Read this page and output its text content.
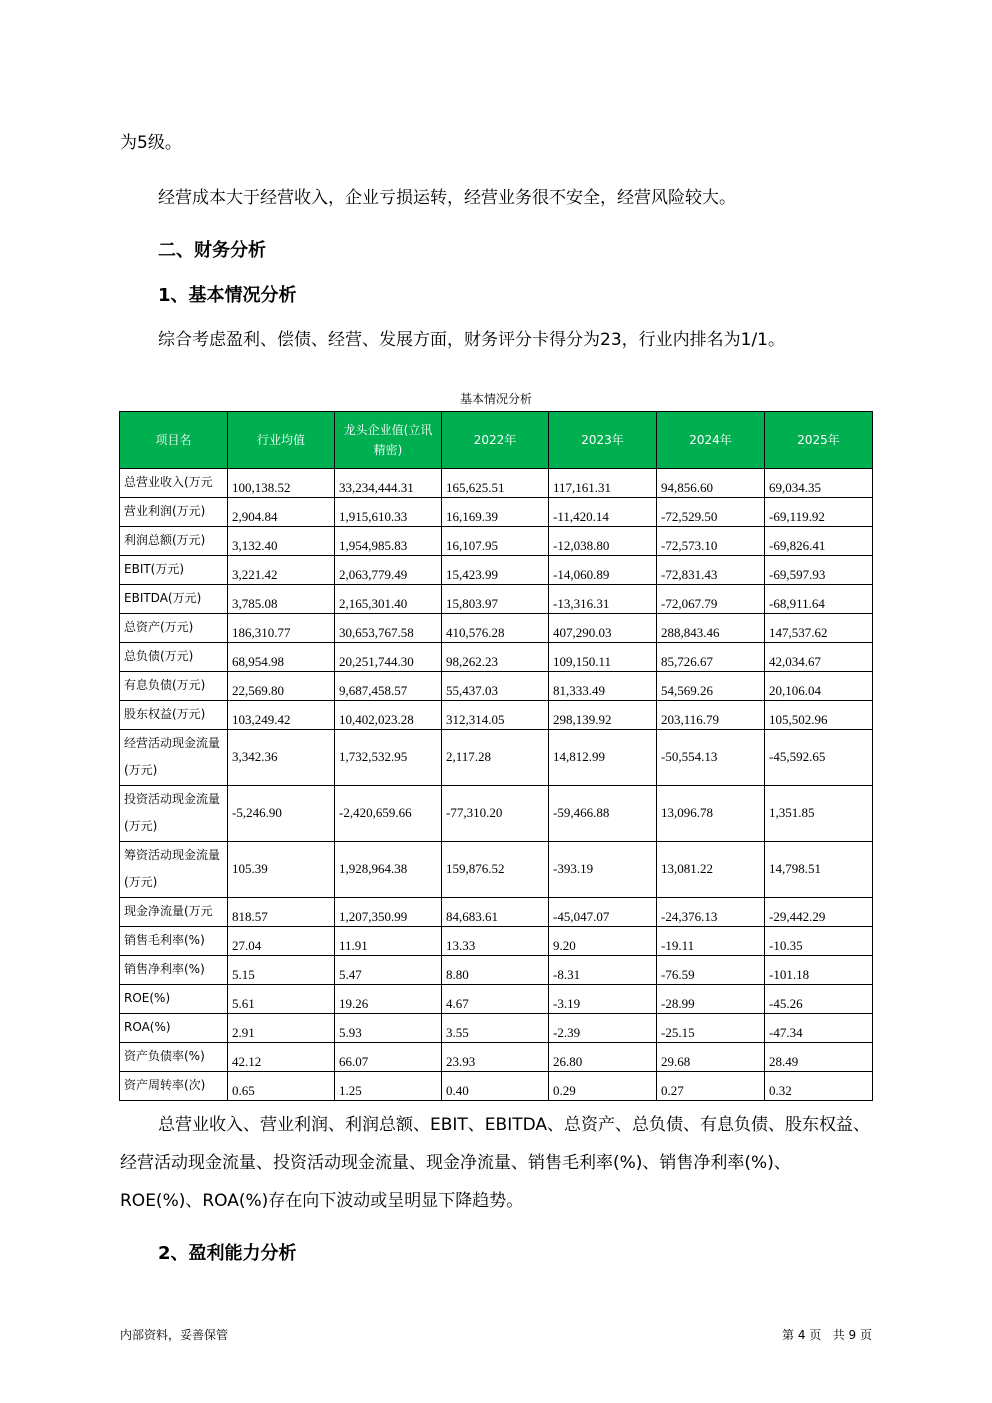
为5级。
经营成本大于经营收入，企业亏损运转，经营业务很不安全，经营风险较大。
二、财务分析
1、基本情况分析
综合考虑盈利、偿债、经营、发展方面，财务评分卡得分为23，行业内排名为1/1。
基本情况分析
项目名	行业均值	龙头企业值(立讯精密)	2022年	2023年	2024年	2025年
总营业收入(万元	100,138.52	33,234,444.31	165,625.51	117,161.31	94,856.60	69,034.35
营业利润(万元)	2,904.84	1,915,610.33	16,169.39	-11,420.14	-72,529.50	-69,119.92
利润总额(万元)	3,132.40	1,954,985.83	16,107.95	-12,038.80	-72,573.10	-69,826.41
EBIT(万元)	3,221.42	2,063,779.49	15,423.99	-14,060.89	-72,831.43	-69,597.93
EBITDA(万元)	3,785.08	2,165,301.40	15,803.97	-13,316.31	-72,067.79	-68,911.64
总资产(万元)	186,310.77	30,653,767.58	410,576.28	407,290.03	288,843.46	147,537.62
总负债(万元)	68,954.98	20,251,744.30	98,262.23	109,150.11	85,726.67	42,034.67
有息负债(万元)	22,569.80	9,687,458.57	55,437.03	81,333.49	54,569.26	20,106.04
股东权益(万元)	103,249.42	10,402,023.28	312,314.05	298,139.92	203,116.79	105,502.96
经营活动现金流量(万元)	3,342.36	1,732,532.95	2,117.28	14,812.99	-50,554.13	-45,592.65
投资活动现金流量(万元)	-5,246.90	-2,420,659.66	-77,310.20	-59,466.88	13,096.78	1,351.85
筹资活动现金流量(万元)	105.39	1,928,964.38	159,876.52	-393.19	13,081.22	14,798.51
现金净流量(万元	818.57	1,207,350.99	84,683.61	-45,047.07	-24,376.13	-29,442.29
销售毛利率(%)	27.04	11.91	13.33	9.20	-19.11	-10.35
销售净利率(%)	5.15	5.47	8.80	-8.31	-76.59	-101.18
ROE(%)	5.61	19.26	4.67	-3.19	-28.99	-45.26
ROA(%)	2.91	5.93	3.55	-2.39	-25.15	-47.34
资产负债率(%)	42.12	66.07	23.93	26.80	29.68	28.49
资产周转率(次)	0.65	1.25	0.40	0.29	0.27	0.32
总营业收入、营业利润、利润总额、EBIT、EBITDA、总资产、总负债、有息负债、股东权益、经营活动现金流量、投资活动现金流量、现金净流量、销售毛利率(%)、销售净利率(%)、ROE(%)、ROA(%)存在向下波动或呈明显下降趋势。
2、盈利能力分析
内部资料，妥善保管	第 4 页   共 9 页
